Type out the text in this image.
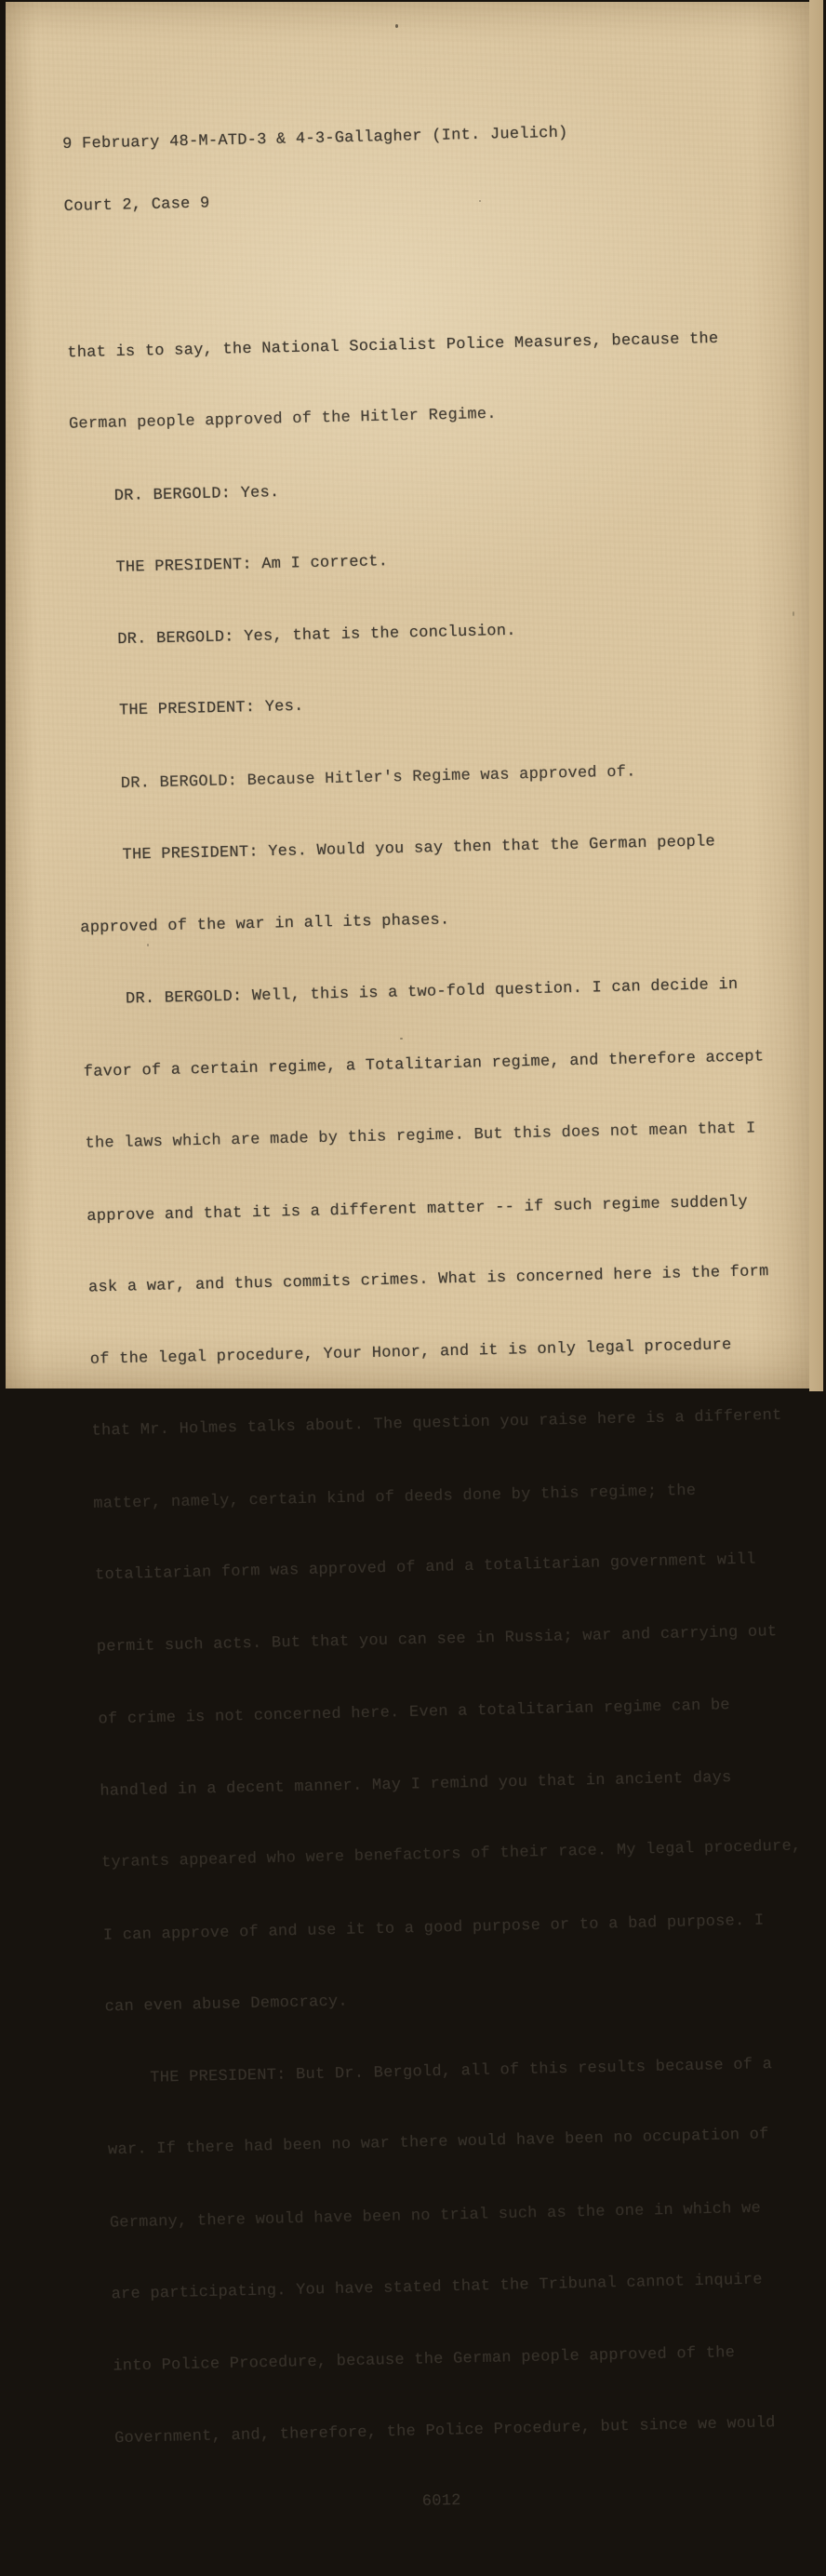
9 February 48-M-ATD-3 & 4-3-Gallagher (Int. Juelich)

Court 2, Case 9

that is to say, the National Socialist Police Measures, because the

German people approved of the Hitler Regime.

DR. BERGOLD: Yes.

THE PRESIDENT: Am I correct.

DR. BERGOLD: Yes, that is the conclusion.

THE PRESIDENT: Yes.

DR. BERGOLD: Because Hitler's Regime was approved of.

THE PRESIDENT: Yes. Would you say then that the German people

approved of the war in all its phases.

DR. BERGOLD: Well, this is a two-fold question. I can decide in

favor of a certain regime, a Totalitarian regime, and therefore accept

the laws which are made by this regime. But this does not mean that I

approve and that it is a different matter -- if such regime suddenly

ask a war, and thus commits crimes. What is concerned here is the form

of the legal procedure, Your Honor, and it is only legal procedure

that Mr. Holmes talks about. The question you raise here is a different

matter, namely, certain kind of deeds done by this regime; the

totalitarian form was approved of and a totalitarian government will

permit such acts. But that you can see in Russia; war and carrying out

of crime is not concerned here. Even a totalitarian regime can be

handled in a decent manner. May I remind you that in ancient days

tyrants appeared who were benefactors of their race. My legal procedure,

I can approve of and use it to a good purpose or to a bad purpose. I

can even abuse Democracy.

THE PRESIDENT: But Dr. Bergold, all of this results because of a

war. If there had been no war there would have been no occupation of

Germany, there would have been no trial such as the one in which we

are participating. You have stated that the Tribunal cannot inquire

into Police Procedure, because the German people approved of the

Government, and, therefore, the Police Procedure, but since we would

6012
